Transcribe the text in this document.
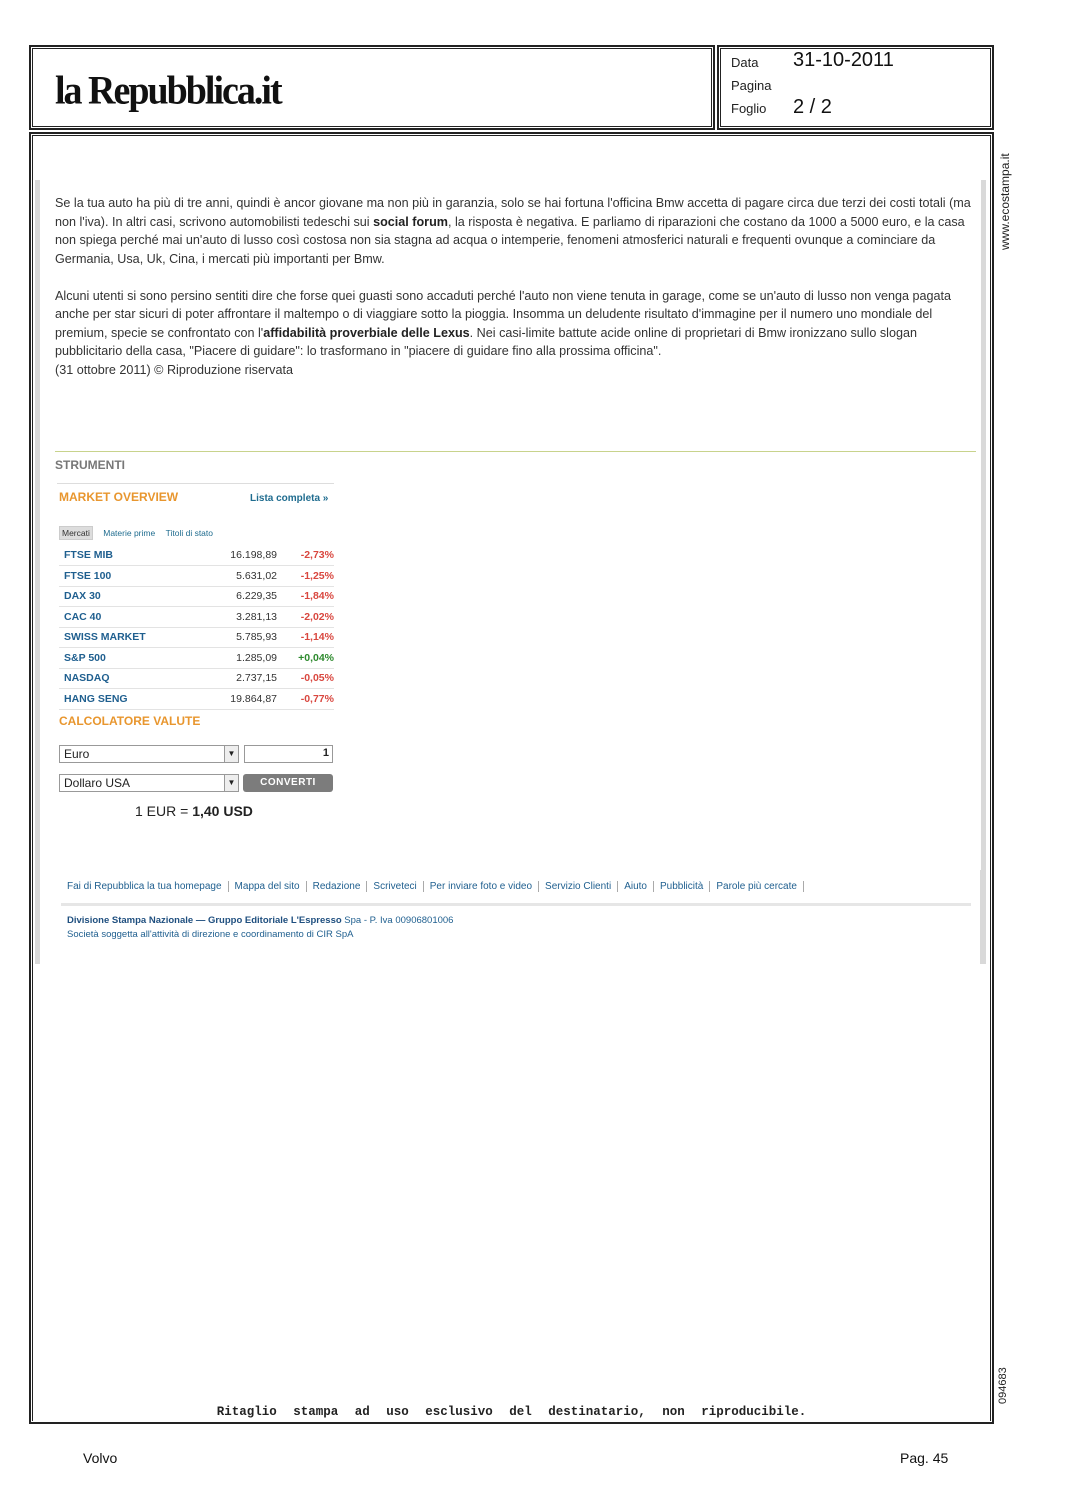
la Repubblica.it
Data 31-10-2011
Pagina
Foglio 2 / 2
www.ecostampa.it
094683
Ritaglio stampa ad uso esclusivo del destinatario, non riproducibile.

Se la tua auto ha più di tre anni, quindi è ancor giovane ma non più in garanzia, solo se hai fortuna l'officina Bmw accetta di pagare circa due terzi dei costi totali (ma non l'iva). In altri casi, scrivono automobilisti tedeschi sui social forum, la risposta è negativa. E parliamo di riparazioni che costano da 1000 a 5000 euro, e la casa non spiega perché mai un'auto di lusso così costosa non sia stagna ad acqua o intemperie, fenomeni atmosferici naturali e frequenti ovunque a cominciare da Germania, Usa, Uk, Cina, i mercati più importanti per Bmw.

Alcuni utenti si sono persino sentiti dire che forse quei guasti sono accaduti perché l'auto non viene tenuta in garage, come se un'auto di lusso non venga pagata anche per star sicuri di poter affrontare il maltempo o di viaggiare sotto la pioggia. Insomma un deludente risultato d'immagine per il numero uno mondiale del premium, specie se confrontato con l'affidabilità proverbiale delle Lexus. Nei casi-limite battute acide online di proprietari di Bmw ironizzano sullo slogan pubblicitario della casa, "Piacere di guidare": lo trasformano in "piacere di guidare fino alla prossima officina".

(31 ottobre 2011) © Riproduzione riservata
STRUMENTI
MARKET OVERVIEW	Lista completa »
Mercati Materie prime Titoli di stato
FTSE MIB	16.198,89	-2,73%
FTSE 100	5.631,02	-1,25%
DAX 30	6.229,35	-1,84%
CAC 40	3.281,13	-2,02%
SWISS MARKET	5.785,93	-1,14%
S&P 500	1.285,09	+0,04%
NASDAQ	2.737,15	-0,05%
HANG SENG	19.864,87	-0,77%
CALCOLATORE VALUTE
Euro	▼	1
Dollaro USA	▼	CONVERTI
1 EUR = 1,40 USD
Fai di Repubblica la tua homepage Mappa del sito Redazione Scriveteci Per inviare foto e video Servizio Clienti Aiuto Pubblicità Parole più cercate
Divisione Stampa Nazionale — Gruppo Editoriale L'Espresso Spa - P. Iva 00906801006
Società soggetta all'attività di direzione e coordinamento di CIR SpA
Volvo	Pag. 45
